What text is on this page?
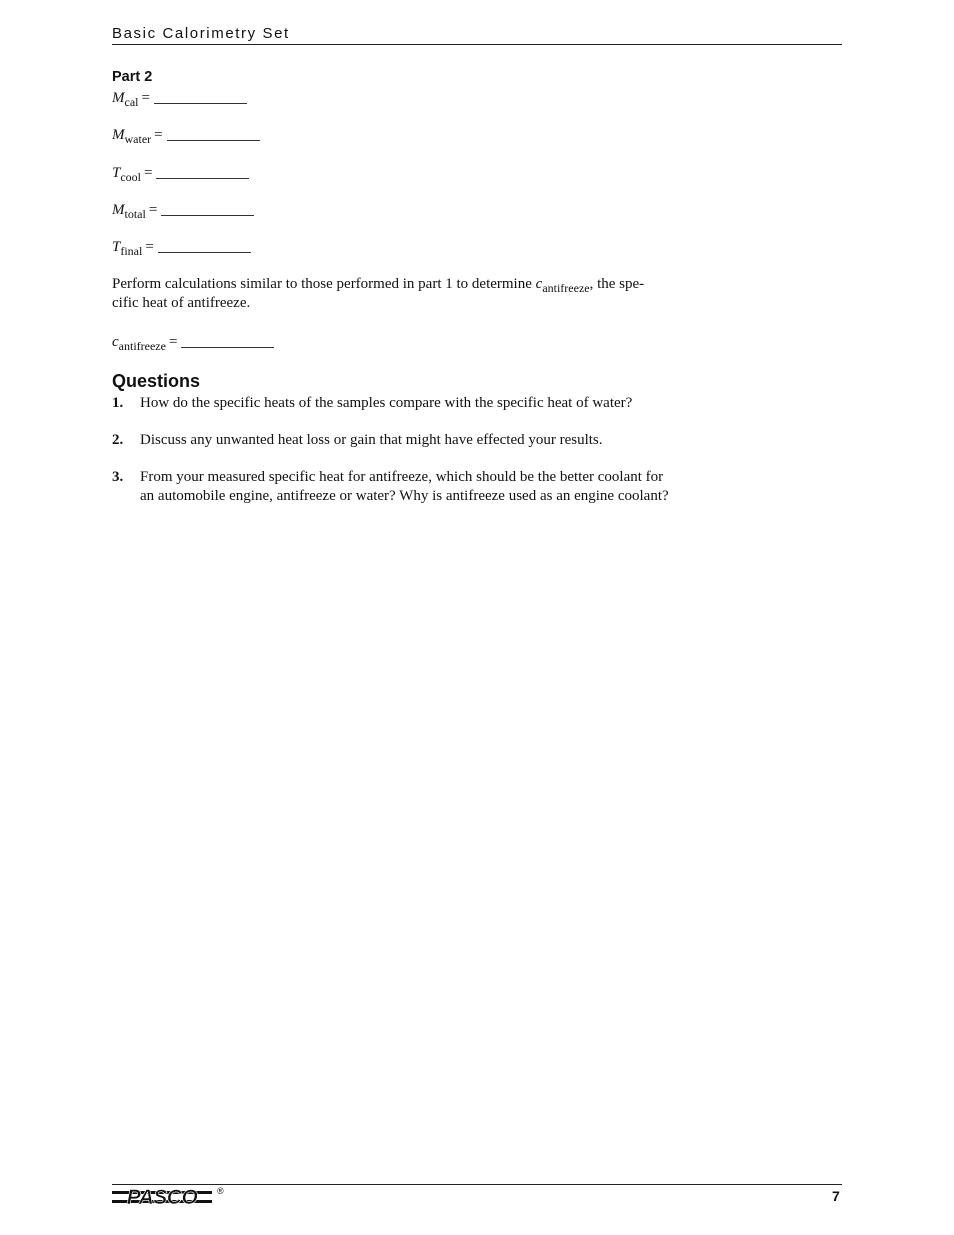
Basic Calorimetry Set
Part 2
$M_{cal}$ =
$M_{water}$ =
$T_{cool}$ =
$M_{total}$ =
$T_{final}$ =
Perform calculations similar to those performed in part 1 to determine $c_{antifreeze}$, the spe-
cific heat of antifreeze.
$c_{antifreeze}$ =
Questions
1. How do the specific heats of the samples compare with the specific heat of water?
2. Discuss any unwanted heat loss or gain that might have effected your results.
3. From your measured specific heat for antifreeze, which should be the better coolant for an automobile engine, antifreeze or water? Why is antifreeze used as an engine coolant?
PASCO ®	7
